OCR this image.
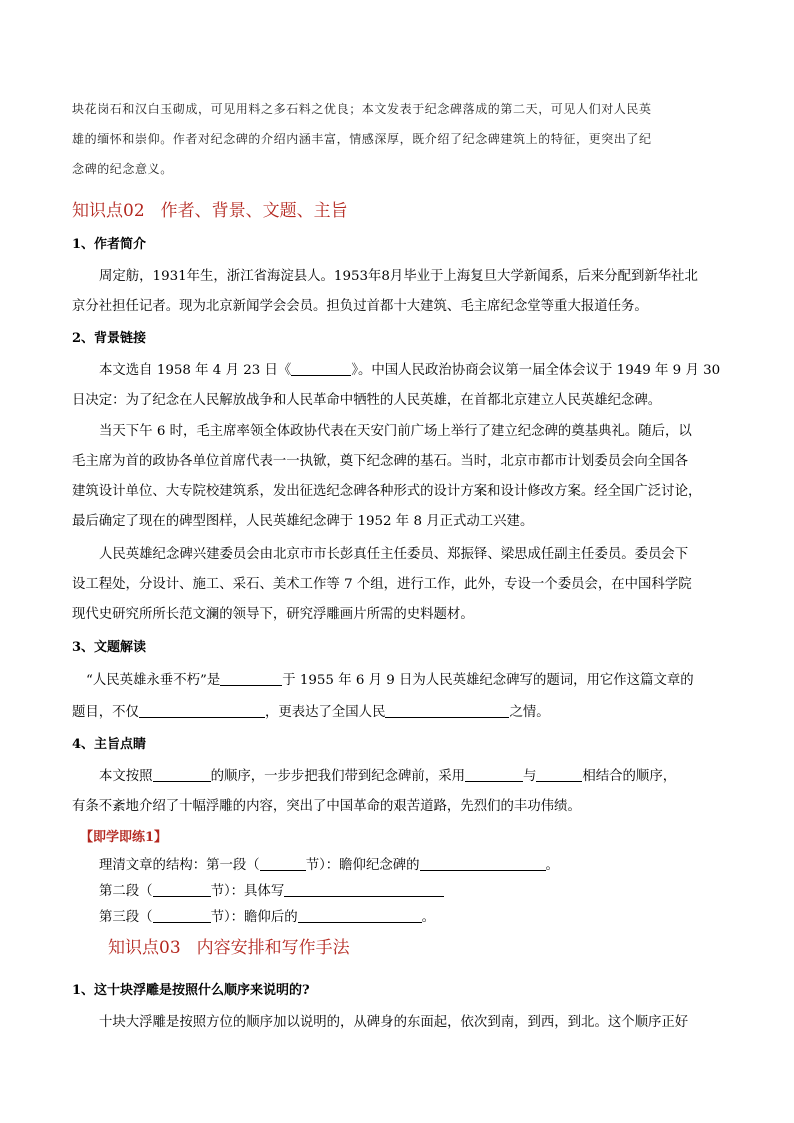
块花岗石和汉白玉砌成，可见用料之多石料之优良；本文发表于纪念碑落成的第二天，可见人们对人民英
雄的缅怀和崇仰。作者对纪念碑的介绍内涵丰富，情感深厚，既介绍了纪念碑建筑上的特征，更突出了纪
念碑的纪念意义。
知识点02 作者、背景、文题、主旨
1、作者简介
周定舫，1931年生，浙江省海淀县人。1953年8月毕业于上海复旦大学新闻系，后来分配到新华社北
京分社担任记者。现为北京新闻学会会员。担负过首都十大建筑、毛主席纪念堂等重大报道任务。
2、背景链接
本文选自 1958 年 4 月 23 日《	》。中国人民政治协商会议第一届全体会议于 1949 年 9 月 30
日决定：为了纪念在人民解放战争和人民革命中牺牲的人民英雄，在首都北京建立人民英雄纪念碑。
当天下午 6 时，毛主席率领全体政协代表在天安门前广场上举行了建立纪念碑的奠基典礼。随后，以
毛主席为首的政协各单位首席代表一一执锨，奠下纪念碑的基石。当时，北京市都市计划委员会向全国各
建筑设计单位、大专院校建筑系，发出征选纪念碑各种形式的设计方案和设计修改方案。经全国广泛讨论，
最后确定了现在的碑型图样，人民英雄纪念碑于 1952 年 8 月正式动工兴建。
人民英雄纪念碑兴建委员会由北京市市长彭真任主任委员、郑振铎、梁思成任副主任委员。委员会下
设工程处，分设计、施工、采石、美术工作等 7 个组，进行工作，此外，专设一个委员会，在中国科学院
现代史研究所所长范文澜的领导下，研究浮雕画片所需的史料题材。
3、文题解读
“人民英雄永垂不朽”是	于 1955 年 6 月 9 日为人民英雄纪念碑写的题词，用它作这篇文章的
题目，不仅	，更表达了全国人民	之情。
4、主旨点睛
本文按照	的顺序，一步步把我们带到纪念碑前，采用	与	相结合的顺序，
有条不紊地介绍了十幅浮雕的内容，突出了中国革命的艰苦道路，先烈们的丰功伟绩。
【即学即练1】
理清文章的结构：第一段（	节）：瞻仰纪念碑的	。
第二段（	节）：具体写
第三段（	节）：瞻仰后的	。
知识点03 内容安排和写作手法
1、这十块浮雕是按照什么顺序来说明的?
十块大浮雕是按照方位的顺序加以说明的，从碑身的东面起，依次到南，到西，到北。这个顺序正好
